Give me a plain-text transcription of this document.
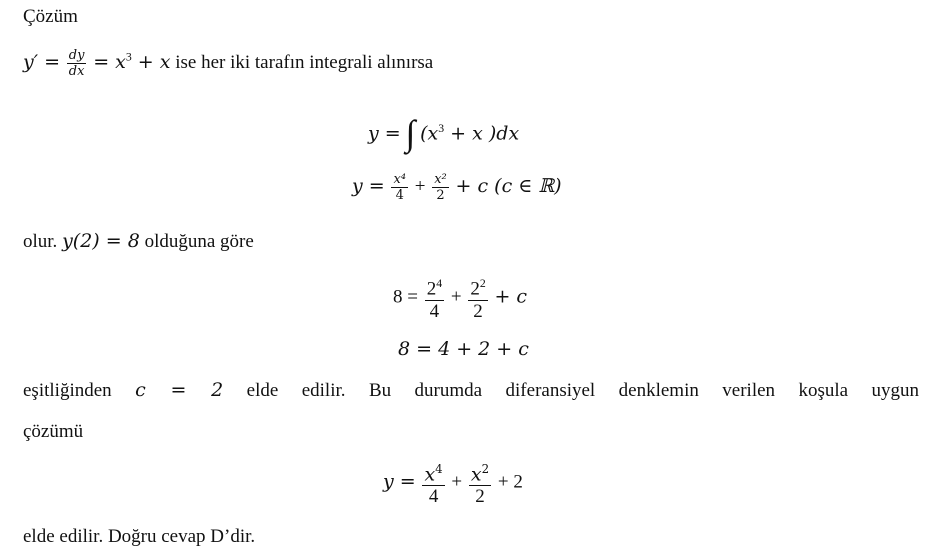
Çözüm
$y' = \frac{dy}{dx} = x^3 + x$ ise her iki tarafın integrali alınırsa
y = ∫ ($x^3 + x$ )dx
$y = \frac{\text{x⁴}}{4} + \frac{\text{x²}}{2} + c$ (c ∈ ℝ)
olur. y(2) = 8 olduğuna göre
$8 = \frac{2^4}{4} + \frac{2^2}{2} + c$
8 = 4 + 2 + c
eşitliğinden c = 2 elde edilir. Bu durumda diferansiyel denklemin verilen koşula uygun
çözümü
$y = \frac{x^4}{4} + \frac{x^2}{2} + 2$
elde edilir. Doğru cevap D’dir.
